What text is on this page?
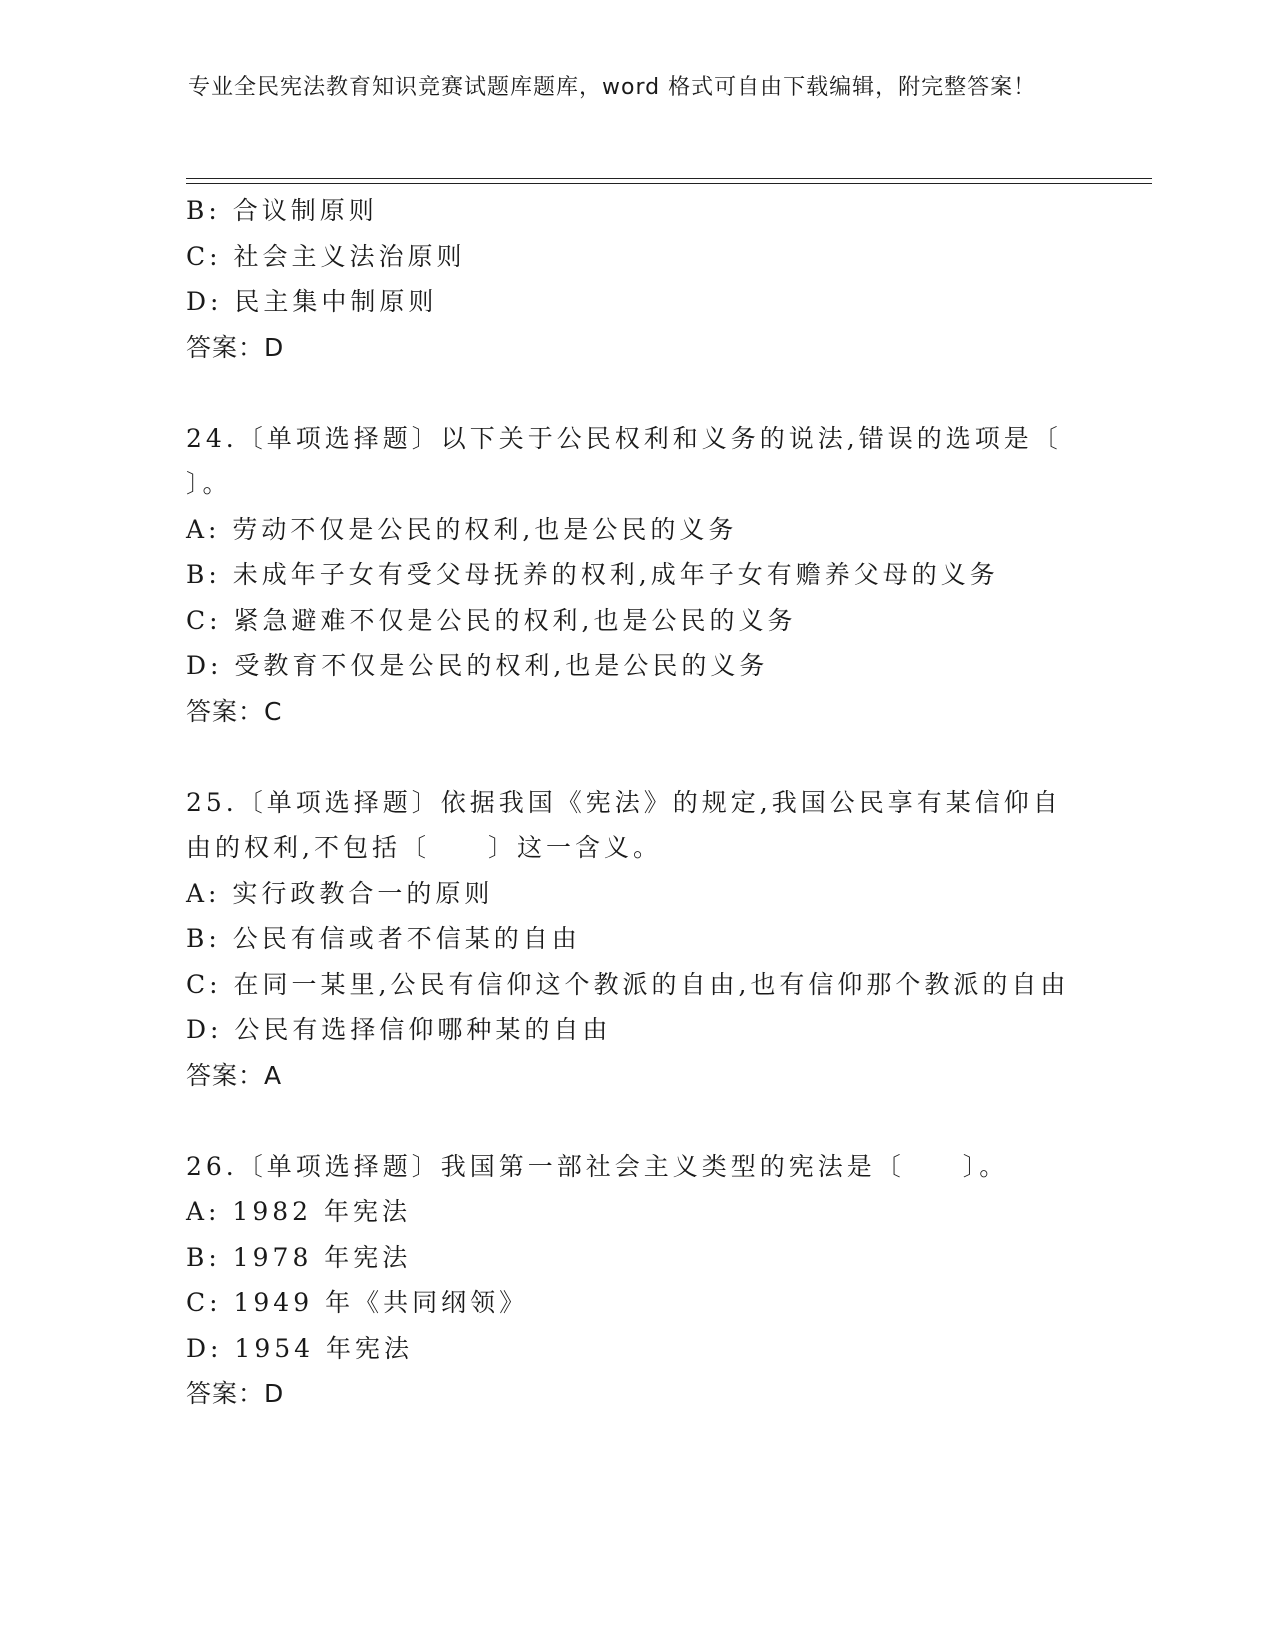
专业全民宪法教育知识竞赛试题库题库，word 格式可自由下载编辑，附完整答案！
B: 合议制原则
C: 社会主义法治原则
D: 民主集中制原则
答案：D
24.〔单项选择题〕以下关于公民权利和义务的说法,错误的选项是〔
〕。
A: 劳动不仅是公民的权利,也是公民的义务
B: 未成年子女有受父母抚养的权利,成年子女有赡养父母的义务
C: 紧急避难不仅是公民的权利,也是公民的义务
D: 受教育不仅是公民的权利,也是公民的义务
答案：C
25.〔单项选择题〕依据我国《宪法》的规定,我国公民享有某信仰自
由的权利,不包括〔　　〕这一含义。
A: 实行政教合一的原则
B: 公民有信或者不信某的自由
C: 在同一某里,公民有信仰这个教派的自由,也有信仰那个教派的自由
D: 公民有选择信仰哪种某的自由
答案：A
26.〔单项选择题〕我国第一部社会主义类型的宪法是〔　　〕。
A: 1982 年宪法
B: 1978 年宪法
C: 1949 年《共同纲领》
D: 1954 年宪法
答案：D
